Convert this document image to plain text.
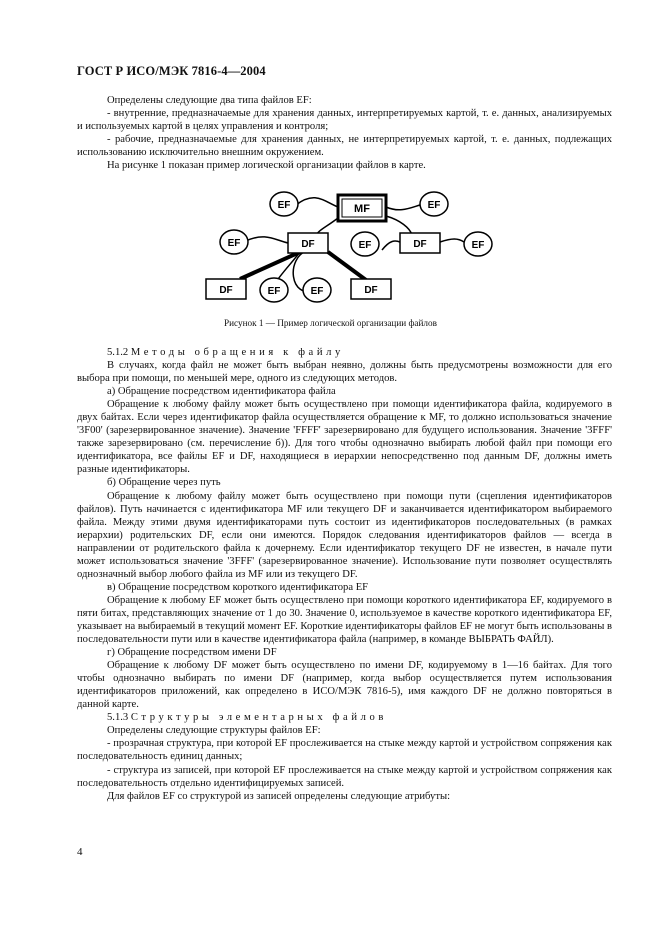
ГОСТ Р ИСО/МЭК 7816-4—2004

Определены следующие два типа файлов EF:

- внутренние, предназначаемые для хранения данных, интерпретируемых картой, т. е. данных, анализируемых и используемых картой в целях управления и контроля;

- рабочие, предназначаемые для хранения данных, не интерпретируемых картой, т. е. данных, подлежащих использованию исключительно внешним окружением.

На рисунке 1 показан пример логической организации файлов в карте.

MF
EF	EF
EF	DF	EF	DF	EF
DF	EF	EF	DF
Рисунок 1 — Пример логической организации файлов

5.1.2 Методы обращения к файлу

В случаях, когда файл не может быть выбран неявно, должны быть предусмотрены возможности для его выбора при помощи, по меньшей мере, одного из следующих методов.

а) Обращение посредством идентификатора файла

Обращение к любому файлу может быть осуществлено при помощи идентификатора файла, кодируемого в двух байтах. Если через идентификатор файла осуществляется обращение к MF, то должно использоваться значение '3F00' (зарезервированное значение). Значение 'FFFF' зарезервировано для будущего использования. Значение '3FFF' также зарезервировано (см. перечисление б)). Для того чтобы однозначно выбирать любой файл при помощи его идентификатора, все файлы EF и DF, находящиеся в иерархии непосредственно под данным DF, должны иметь разные идентификаторы.

б) Обращение через путь

Обращение к любому файлу может быть осуществлено при помощи пути (сцепления идентификаторов файлов). Путь начинается с идентификатора MF или текущего DF и заканчивается идентификатором выбираемого файла. Между этими двумя идентификаторами путь состоит из идентификаторов последовательных (в рамках иерархии) родительских DF, если они имеются. Порядок следования идентификаторов файлов — всегда в направлении от родительского файла к дочернему. Если идентификатор текущего DF не известен, в начале пути может использоваться значение '3FFF' (зарезервированное значение). Использование пути позволяет осуществлять однозначный выбор любого файла из MF или из текущего DF.

в) Обращение посредством короткого идентификатора EF

Обращение к любому EF может быть осуществлено при помощи короткого идентификатора EF, кодируемого в пяти битах, представляющих значение от 1 до 30. Значение 0, используемое в качестве короткого идентификатора EF, указывает на выбираемый в текущий момент EF. Короткие идентификаторы файлов EF не могут быть использованы в последовательности пути или в качестве идентификатора файла (например, в команде ВЫБРАТЬ ФАЙЛ).

г) Обращение посредством имени DF

Обращение к любому DF может быть осуществлено по имени DF, кодируемому в 1—16 байтах. Для того чтобы однозначно выбирать по имени DF (например, когда выбор осуществляется путем использования идентификаторов приложений, как определено в ИСО/МЭК 7816-5), имя каждого DF не должно повторяться в данной карте.

5.1.3 Структуры элементарных файлов

Определены следующие структуры файлов EF:

- прозрачная структура, при которой EF прослеживается на стыке между картой и устройством сопряжения как последовательность единиц данных;

- структура из записей, при которой EF прослеживается на стыке между картой и устройством сопряжения как последовательность отдельно идентифицируемых записей.

Для файлов EF со структурой из записей определены следующие атрибуты:

4
